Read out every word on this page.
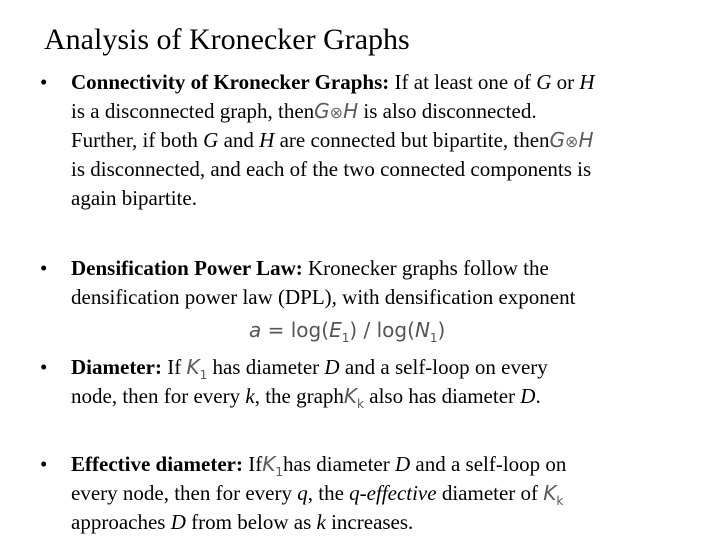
Analysis of Kronecker Graphs
•	Connectivity of Kronecker Graphs: If at least one of G or H
is a disconnected graph, thenG⊗H is also disconnected.
Further, if both G and H are connected but bipartite, thenG⊗H
is disconnected, and each of the two connected components is
again bipartite.
•	Densification Power Law: Kronecker graphs follow the
densification power law (DPL), with densification exponent
$a = \log(E_1) / \log(N_1)$
•	Diameter: If $K_1$ has diameter D and a self-loop on every
node, then for every k, the graphK$_k$ also has diameter D.
•	Effective diameter: IfK$_1$has diameter D and a self-loop on
every node, then for every q, the q-effective diameter of $K_k$
approaches D from below as k increases.
